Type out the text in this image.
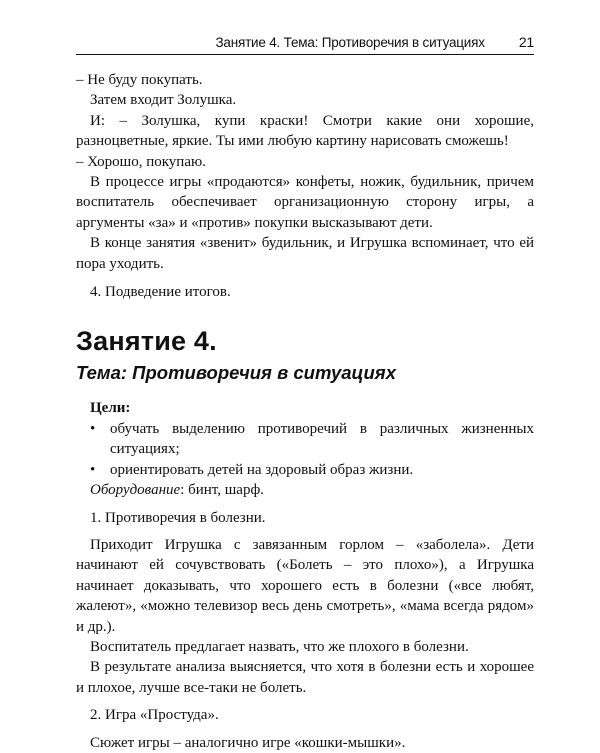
Занятие 4. Тема: Противоречия в ситуациях 21

– Не буду покупать.

Затем входит Золушка.

И: – Золушка, купи краски! Смотри какие они хорошие, разноцветные, яркие. Ты ими любую картину нарисовать сможешь!

– Хорошо, покупаю.

В процессе игры «продаются» конфеты, ножик, будильник, причем воспитатель обеспечивает организационную сторону игры, а аргументы «за» и «против» покупки высказывают дети.

В конце занятия «звенит» будильник, и Игрушка вспоминает, что ей пора уходить.

4. Подведение итогов.

Занятие 4.
Тема: Противоречия в ситуациях

Цели:

• обучать выделению противоречий в различных жизненных ситуациях;
• ориентировать детей на здоровый образ жизни.

Оборудование: бинт, шарф.

1. Противоречия в болезни.

Приходит Игрушка с завязанным горлом – «заболела». Дети начинают ей сочувствовать («Болеть – это плохо»), а Игрушка начинает доказывать, что хорошего есть в болезни («все любят, жалеют», «можно телевизор весь день смотреть», «мама всегда рядом» и др.).

Воспитатель предлагает назвать, что же плохого в болезни.

В результате анализа выясняется, что хотя в болезни есть и хорошее и плохое, лучше все-таки не болеть.

2. Игра «Простуда».

Сюжет игры – аналогично игре «кошки-мышки».
